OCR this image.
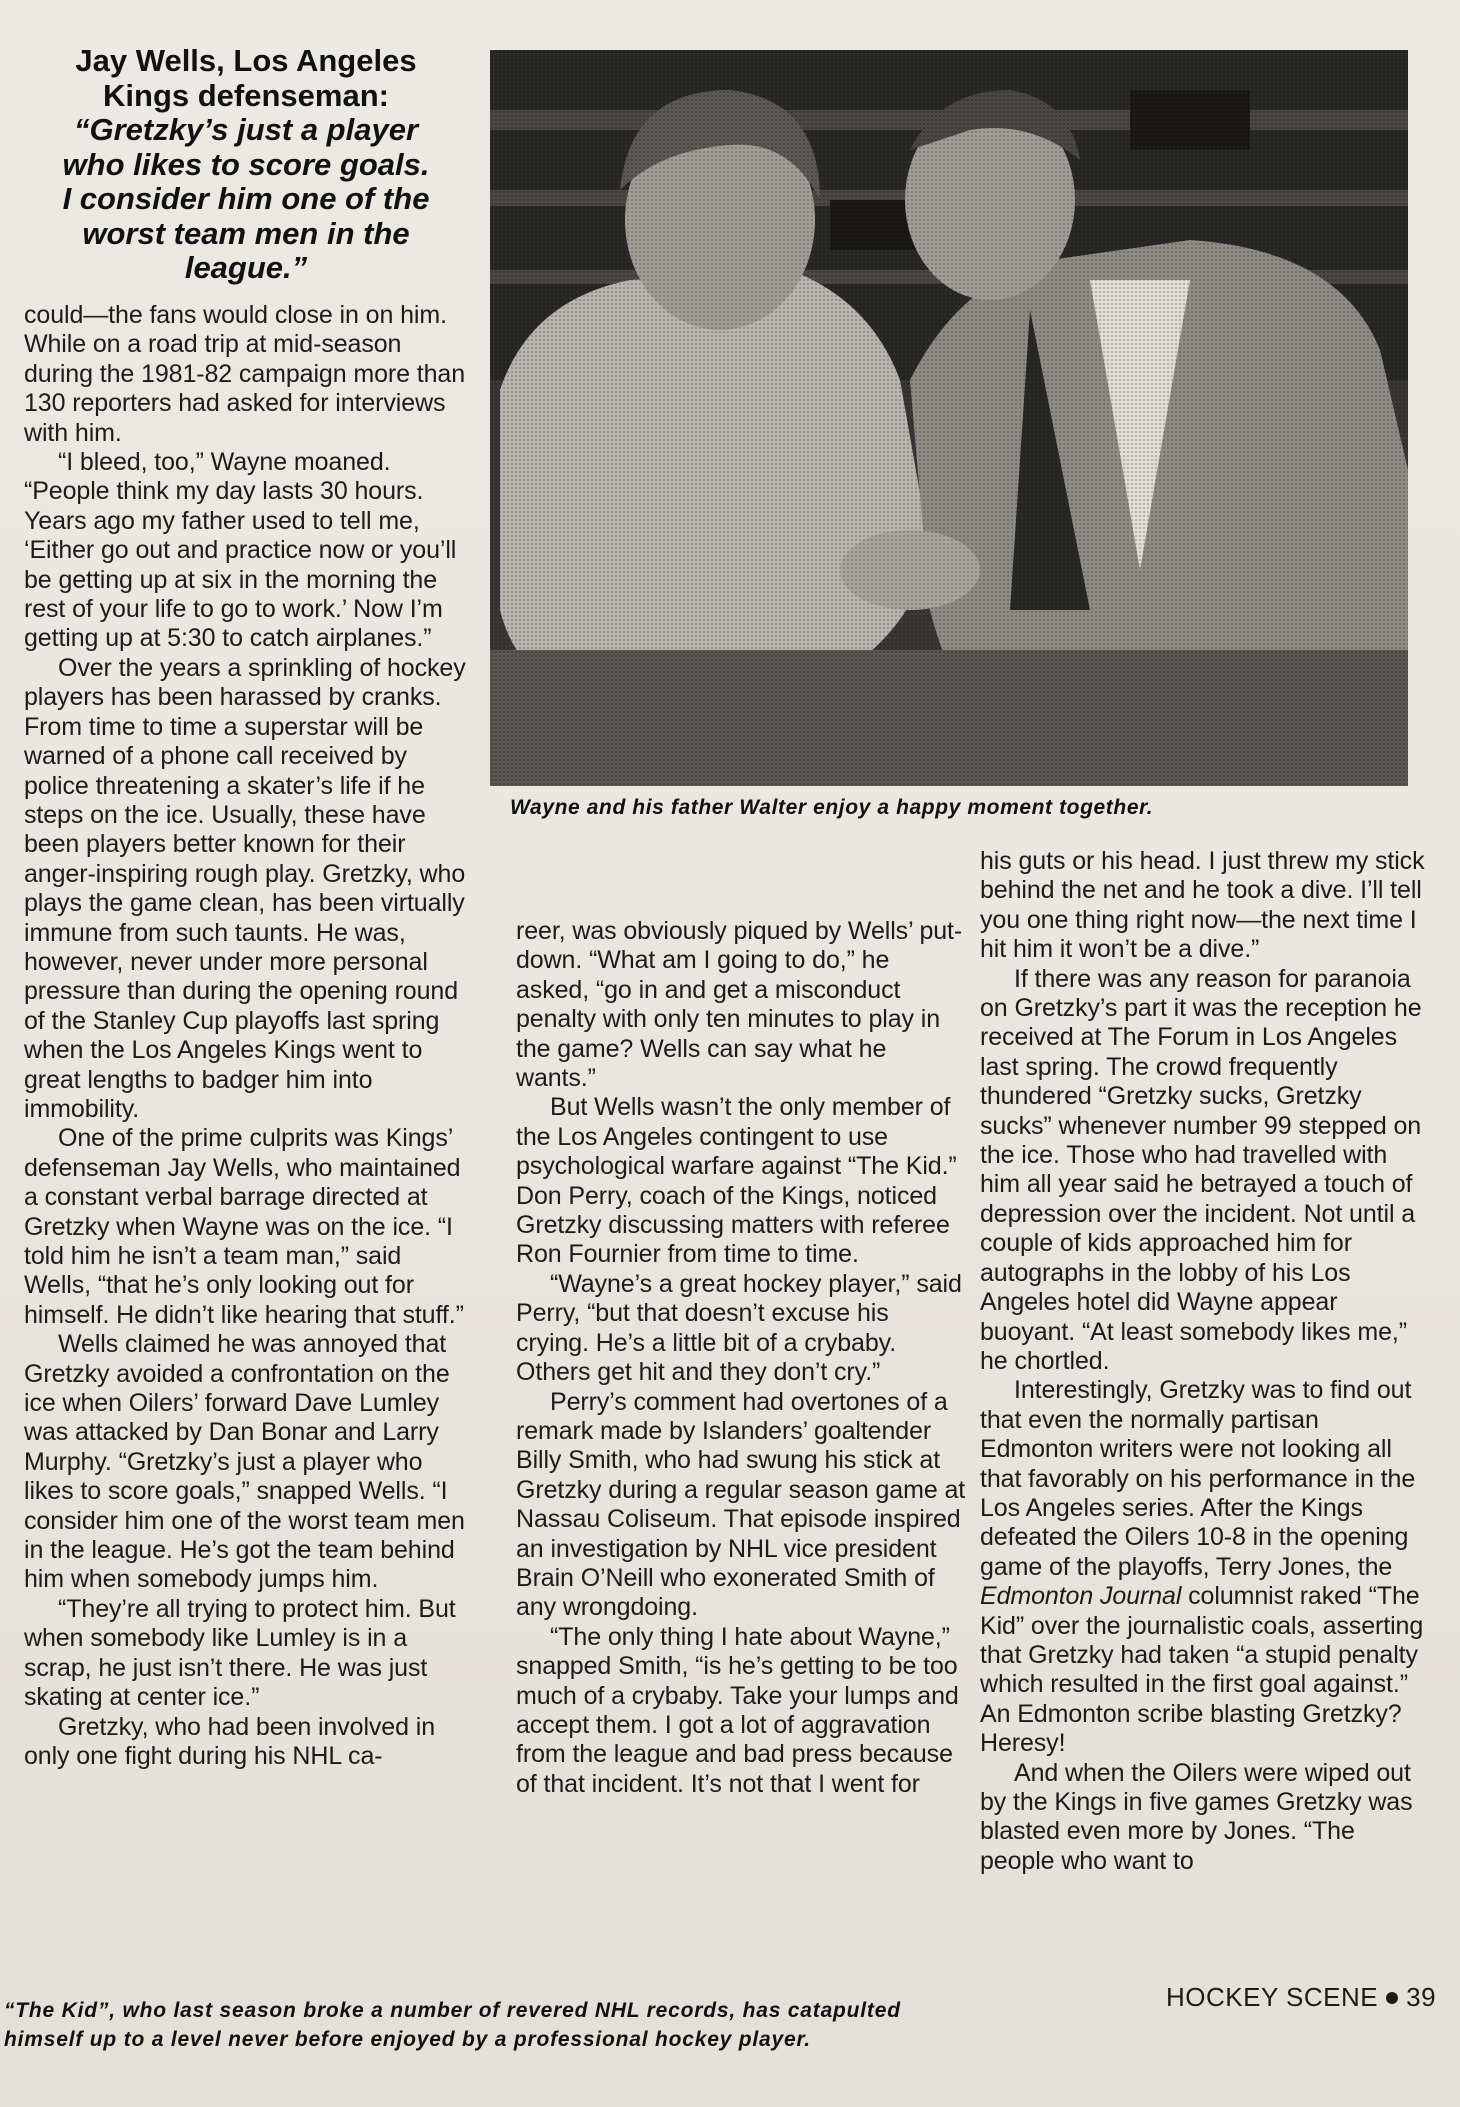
Jay Wells, Los Angeles
Kings defenseman:
“Gretzky’s just a player
who likes to score goals.
I consider him one of the
worst team men in the
league.”
Wayne and his father Walter enjoy a happy moment together.

could—the fans would close in on him. While on a road trip at mid-season during the 1981-82 campaign more than 130 reporters had asked for interviews with him.

“I bleed, too,” Wayne moaned. “People think my day lasts 30 hours. Years ago my father used to tell me, ‘Either go out and practice now or you’ll be getting up at six in the morning the rest of your life to go to work.’ Now I’m getting up at 5:30 to catch airplanes.”

Over the years a sprinkling of hockey players has been harassed by cranks. From time to time a superstar will be warned of a phone call received by police threatening a skater’s life if he steps on the ice. Usually, these have been players better known for their anger-inspiring rough play. Gretzky, who plays the game clean, has been virtually immune from such taunts. He was, however, never under more personal pressure than during the opening round of the Stanley Cup playoffs last spring when the Los Angeles Kings went to great lengths to badger him into immobility.

One of the prime culprits was Kings’ defenseman Jay Wells, who maintained a constant verbal barrage directed at Gretzky when Wayne was on the ice. “I told him he isn’t a team man,” said Wells, “that he’s only looking out for himself. He didn’t like hearing that stuff.”

Wells claimed he was annoyed that Gretzky avoided a confrontation on the ice when Oilers’ forward Dave Lumley was attacked by Dan Bonar and Larry Murphy. “Gretzky’s just a player who likes to score goals,” snapped Wells. “I consider him one of the worst team men in the league. He’s got the team behind him when somebody jumps him.

“They’re all trying to protect him. But when somebody like Lumley is in a scrap, he just isn’t there. He was just skating at center ice.”

Gretzky, who had been involved in only one fight during his NHL ca-

reer, was obviously piqued by Wells’ put-down. “What am I going to do,” he asked, “go in and get a misconduct penalty with only ten minutes to play in the game? Wells can say what he wants.”

But Wells wasn’t the only member of the Los Angeles contingent to use psychological warfare against “The Kid.” Don Perry, coach of the Kings, noticed Gretzky discussing matters with referee Ron Fournier from time to time.

“Wayne’s a great hockey player,” said Perry, “but that doesn’t excuse his crying. He’s a little bit of a crybaby. Others get hit and they don’t cry.”

Perry’s comment had overtones of a remark made by Islanders’ goaltender Billy Smith, who had swung his stick at Gretzky during a regular season game at Nassau Coliseum. That episode inspired an investigation by NHL vice president Brain O’Neill who exonerated Smith of any wrongdoing.

“The only thing I hate about Wayne,” snapped Smith, “is he’s getting to be too much of a crybaby. Take your lumps and accept them. I got a lot of aggravation from the league and bad press because of that incident. It’s not that I went for

his guts or his head. I just threw my stick behind the net and he took a dive. I’ll tell you one thing right now—the next time I hit him it won’t be a dive.”

If there was any reason for paranoia on Gretzky’s part it was the reception he received at The Forum in Los Angeles last spring. The crowd frequently thundered “Gretzky sucks, Gretzky sucks” whenever number 99 stepped on the ice. Those who had travelled with him all year said he betrayed a touch of depression over the incident. Not until a couple of kids approached him for autographs in the lobby of his Los Angeles hotel did Wayne appear buoyant. “At least somebody likes me,” he chortled.

Interestingly, Gretzky was to find out that even the normally partisan Edmonton writers were not looking all that favorably on his performance in the Los Angeles series. After the Kings defeated the Oilers 10-8 in the opening game of the playoffs, Terry Jones, the Edmonton Journal columnist raked “The Kid” over the journalistic coals, asserting that Gretzky had taken “a stupid penalty which resulted in the first goal against.” An Edmonton scribe blasting Gretzky? Heresy!

And when the Oilers were wiped out by the Kings in five games Gretzky was blasted even more by Jones. “The people who want to

“The Kid”, who last season broke a number of revered NHL records, has catapulted himself up to a level never before enjoyed by a professional hockey player.
HOCKEY SCENE 39
